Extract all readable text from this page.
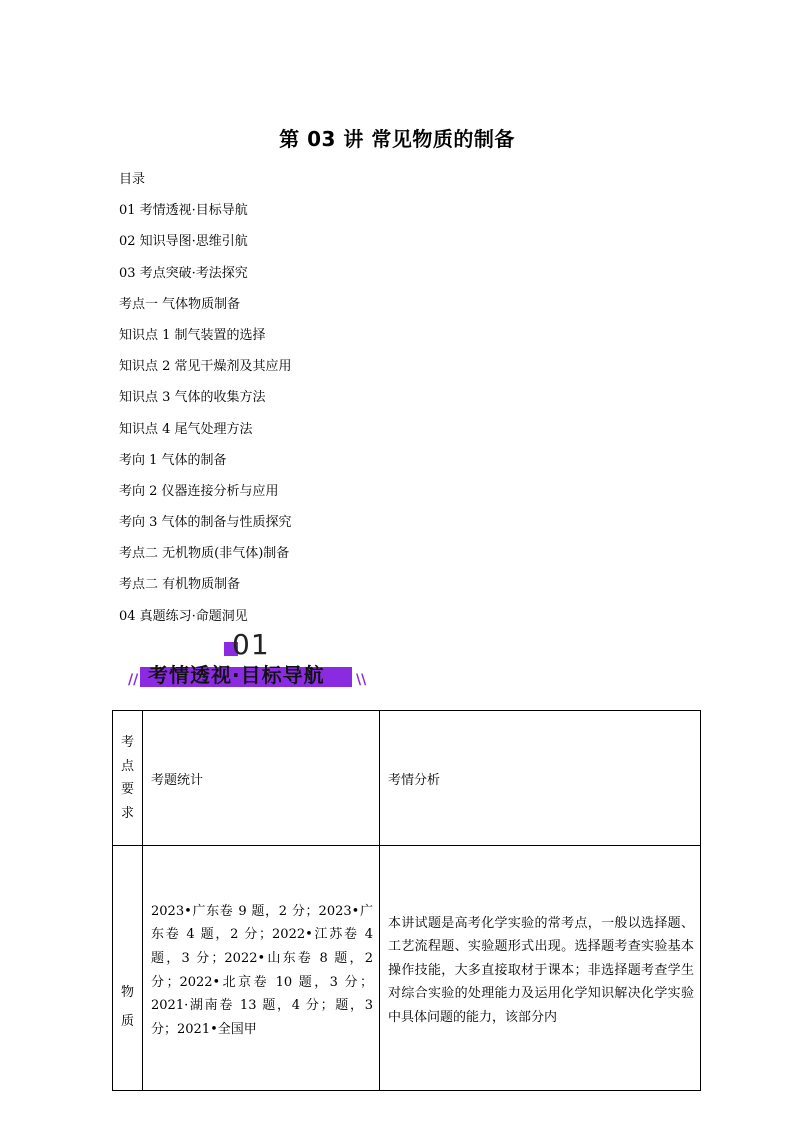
第 03 讲 常见物质的制备
目录
01 考情透视·目标导航
02 知识导图·思维引航
03 考点突破·考法探究
考点一 气体物质制备
知识点 1 制气装置的选择
知识点 2 常见干燥剂及其应用
知识点 3 气体的收集方法
知识点 4 尾气处理方法
考向 1 气体的制备
考向 2 仪器连接分析与应用
考向 3 气体的制备与性质探究
考点二 无机物质(非气体)制备
考点二 有机物质制备
04 真题练习·命题洞见
01
//	\\
考情透视·目标导航
考
点
要
求	考题统计	考情分析

物
质	2023•广东卷 9 题，2 分；2023•广东卷 4 题，2 分；2022•江苏卷 4 题，3 分；2022•山东卷 8 题，2 分；2022•北京卷 10 题，3 分；2021·湖南卷 13 题，4 分；题，3 分；2021•全国甲	本讲试题是高考化学实验的常考点，一般以选择题、工艺流程题、实验题形式出现。选择题考查实验基本操作技能，大多直接取材于课本；非选择题考查学生对综合实验的处理能力及运用化学知识解决化学实验中具体问题的能力，该部分内
